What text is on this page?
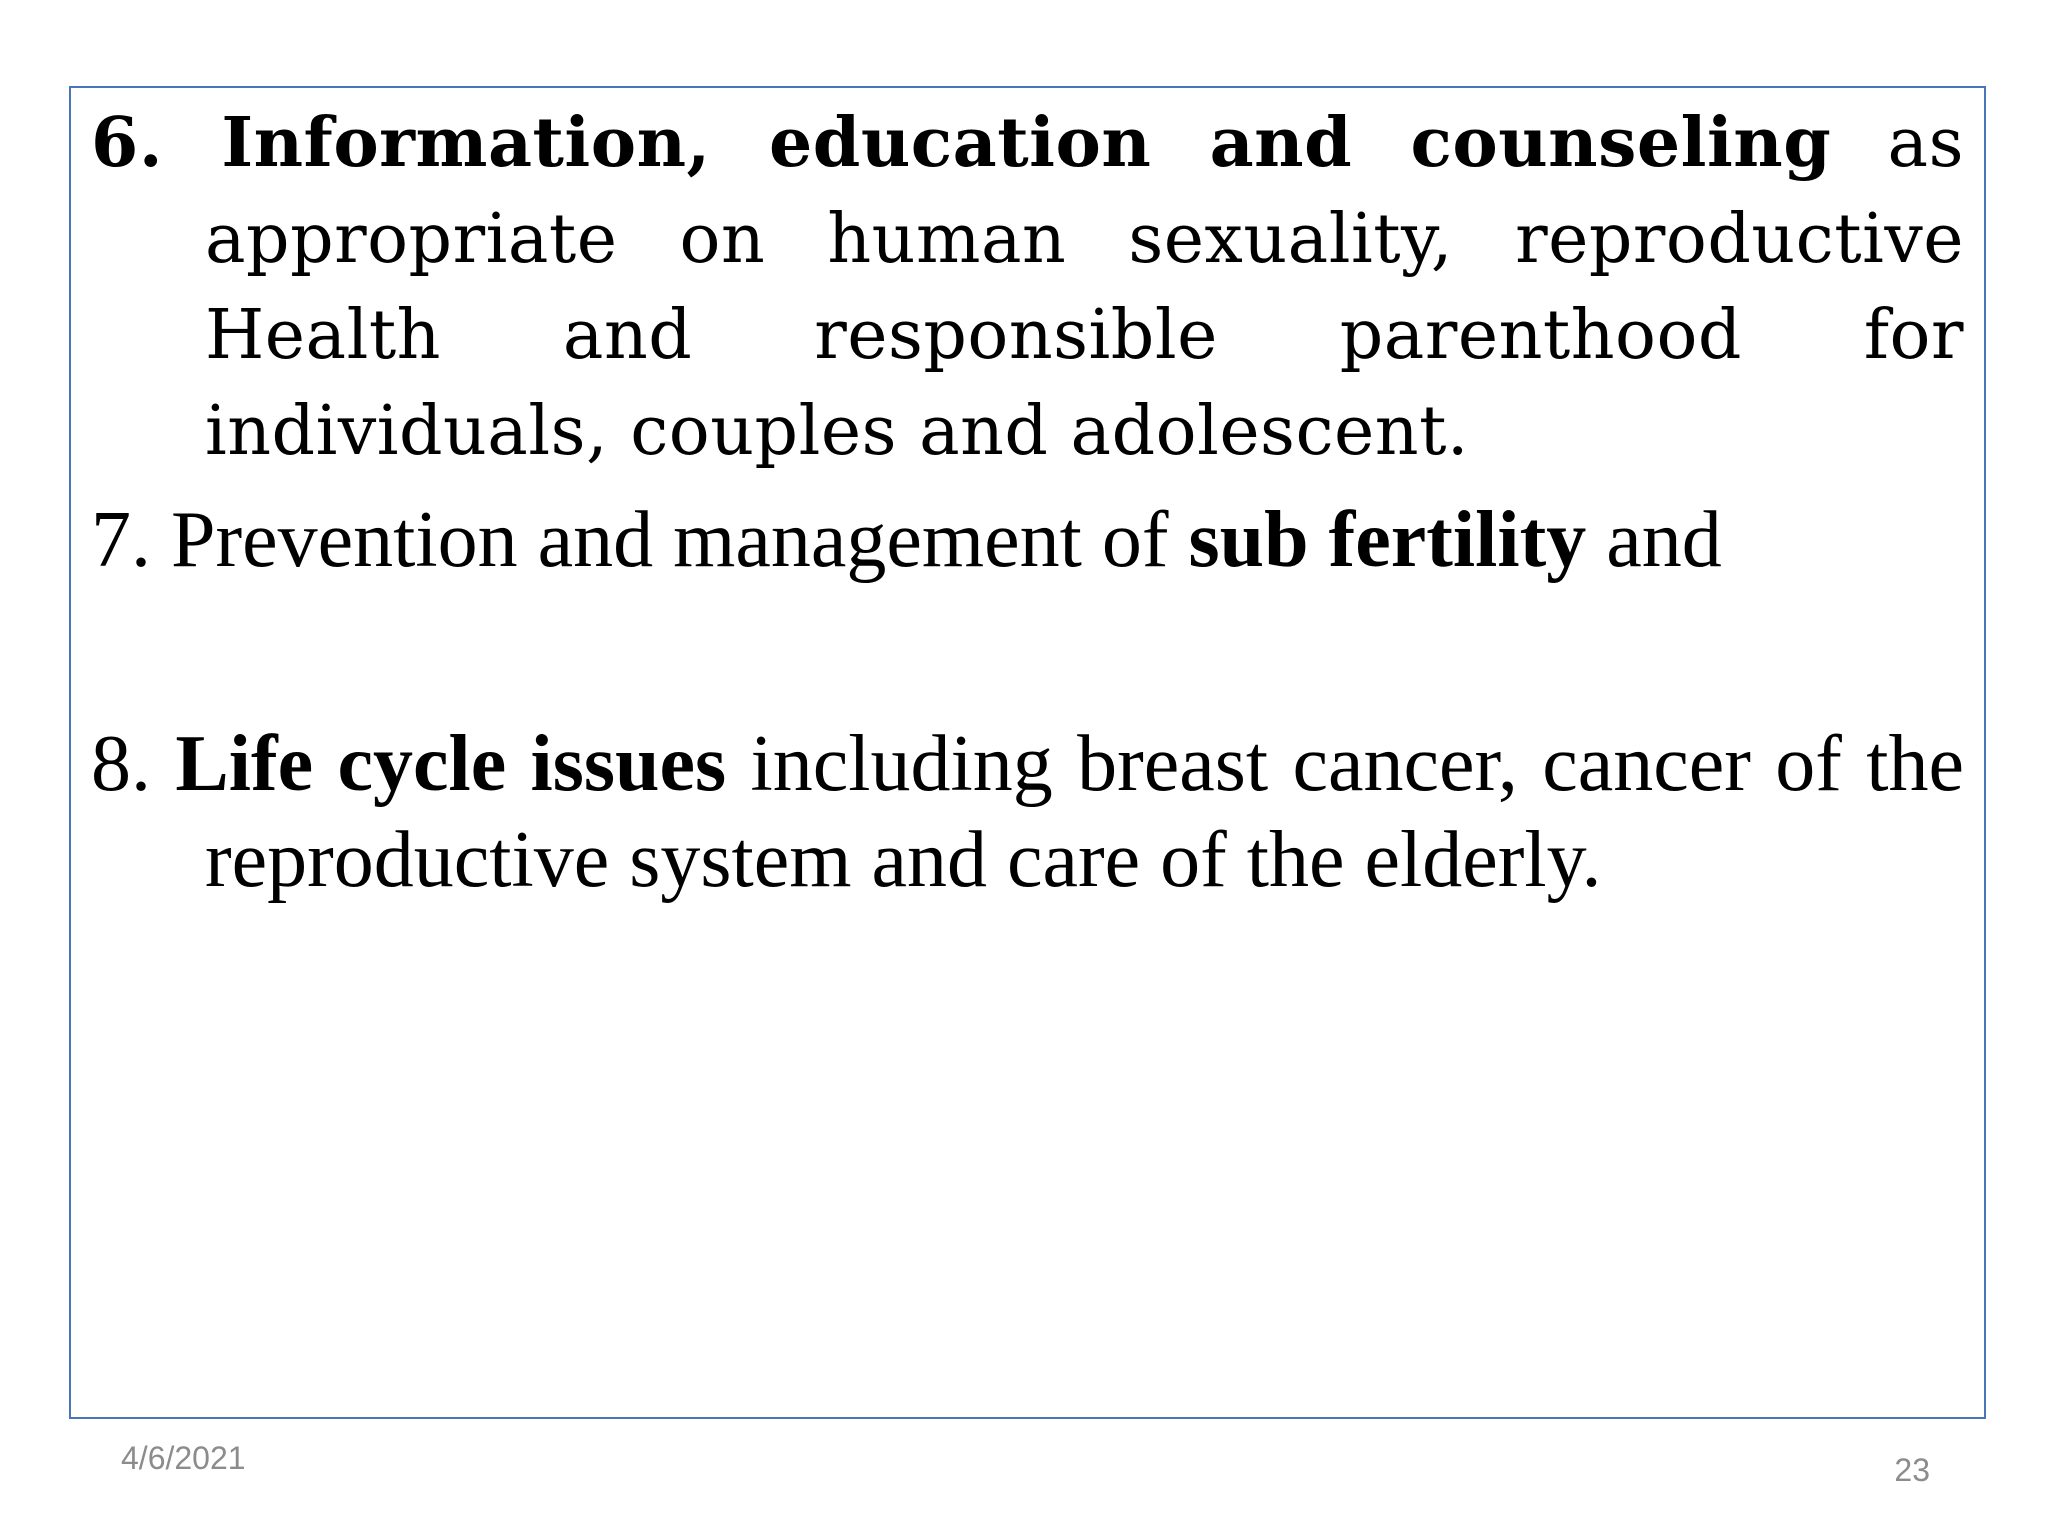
6. Information, education and counseling as appropriate on human sexuality, reproductive Health and responsible parenthood for individuals, couples and adolescent.

7. Prevention and management of sub fertility and

8. Life cycle issues including breast cancer, cancer of the reproductive system and care of the elderly.

4/6/2021	23
